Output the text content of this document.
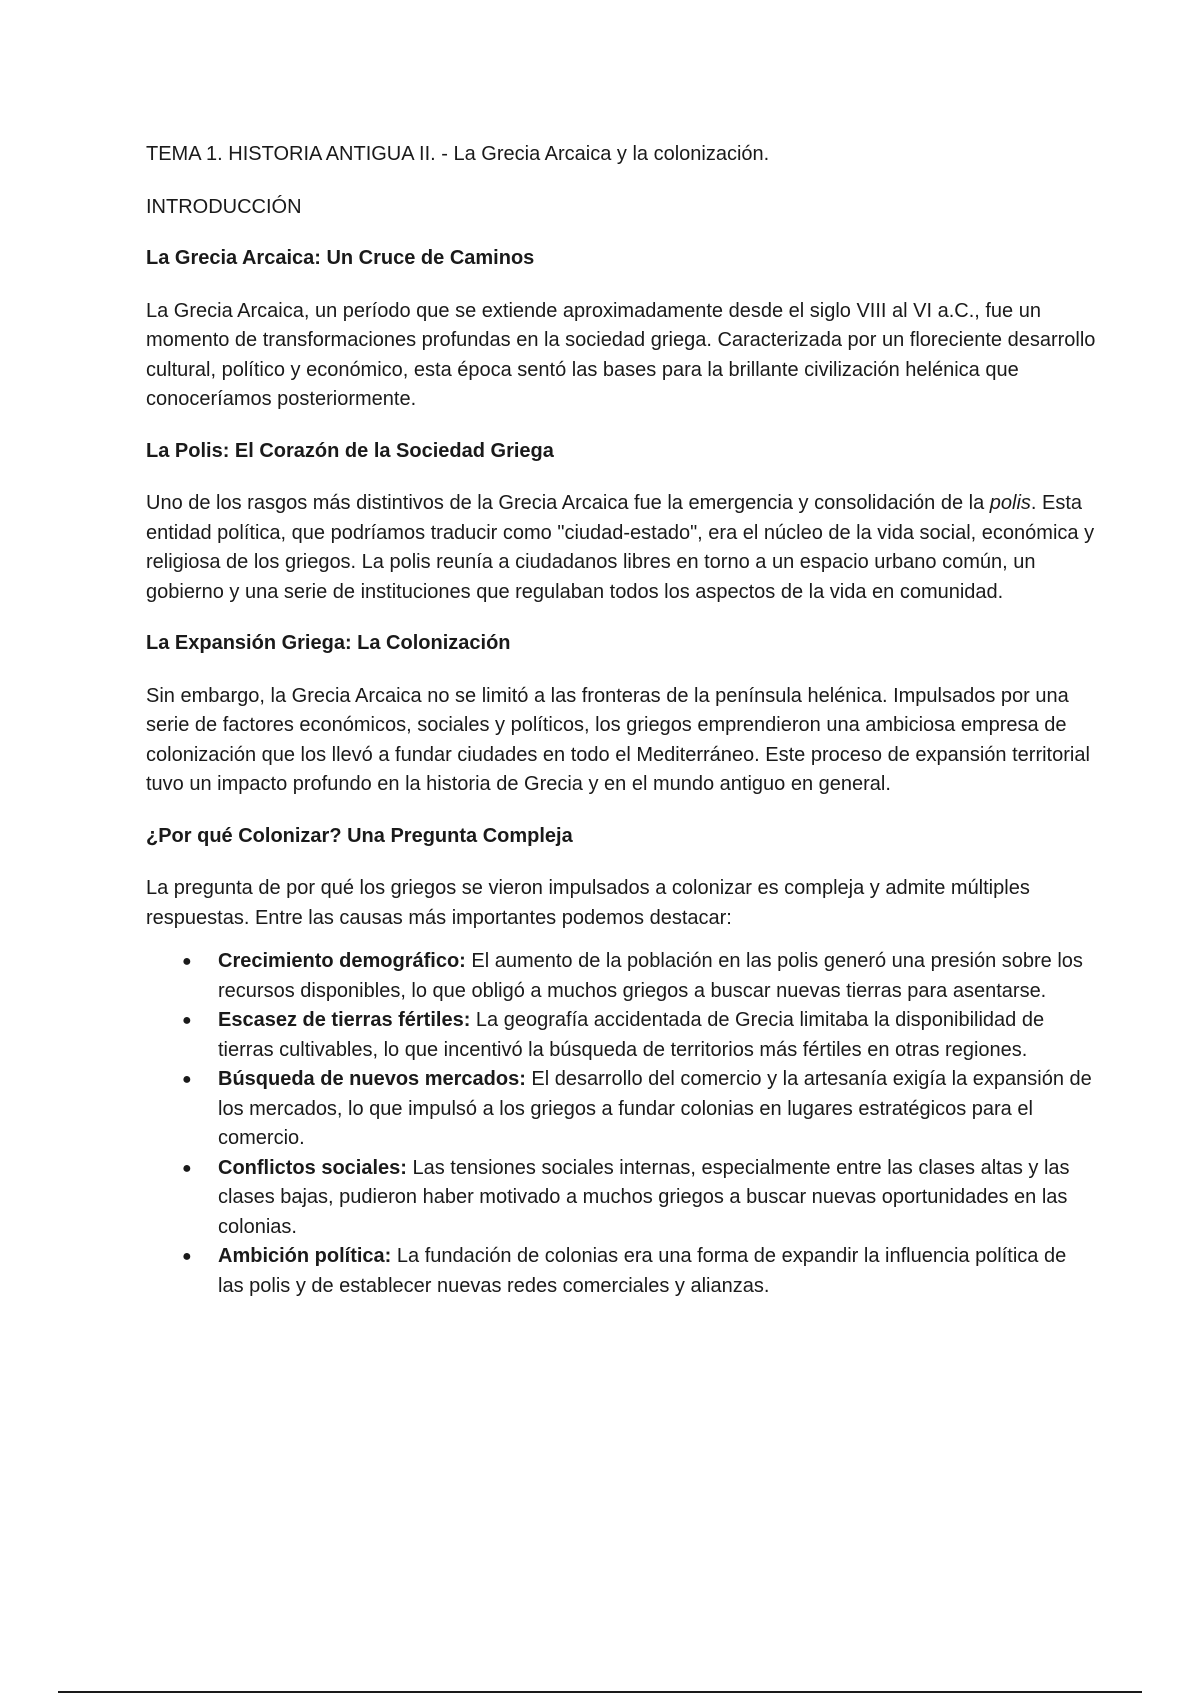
TEMA 1. HISTORIA ANTIGUA II. - La Grecia Arcaica y la colonización.

INTRODUCCIÓN

La Grecia Arcaica: Un Cruce de Caminos

La Grecia Arcaica, un período que se extiende aproximadamente desde el siglo VIII al VI a.C., fue un momento de transformaciones profundas en la sociedad griega. Caracterizada por un floreciente desarrollo cultural, político y económico, esta época sentó las bases para la brillante civilización helénica que conoceríamos posteriormente.

La Polis: El Corazón de la Sociedad Griega

Uno de los rasgos más distintivos de la Grecia Arcaica fue la emergencia y consolidación de la polis. Esta entidad política, que podríamos traducir como "ciudad-estado", era el núcleo de la vida social, económica y religiosa de los griegos. La polis reunía a ciudadanos libres en torno a un espacio urbano común, un gobierno y una serie de instituciones que regulaban todos los aspectos de la vida en comunidad.

La Expansión Griega: La Colonización

Sin embargo, la Grecia Arcaica no se limitó a las fronteras de la península helénica. Impulsados por una serie de factores económicos, sociales y políticos, los griegos emprendieron una ambiciosa empresa de colonización que los llevó a fundar ciudades en todo el Mediterráneo. Este proceso de expansión territorial tuvo un impacto profundo en la historia de Grecia y en el mundo antiguo en general.

¿Por qué Colonizar? Una Pregunta Compleja

La pregunta de por qué los griegos se vieron impulsados a colonizar es compleja y admite múltiples respuestas. Entre las causas más importantes podemos destacar:

● Crecimiento demográfico: El aumento de la población en las polis generó una presión sobre los recursos disponibles, lo que obligó a muchos griegos a buscar nuevas tierras para asentarse.
● Escasez de tierras fértiles: La geografía accidentada de Grecia limitaba la disponibilidad de tierras cultivables, lo que incentivó la búsqueda de territorios más fértiles en otras regiones.
● Búsqueda de nuevos mercados: El desarrollo del comercio y la artesanía exigía la expansión de los mercados, lo que impulsó a los griegos a fundar colonias en lugares estratégicos para el comercio.
● Conflictos sociales: Las tensiones sociales internas, especialmente entre las clases altas y las clases bajas, pudieron haber motivado a muchos griegos a buscar nuevas oportunidades en las colonias.
● Ambición política: La fundación de colonias era una forma de expandir la influencia política de las polis y de establecer nuevas redes comerciales y alianzas.
